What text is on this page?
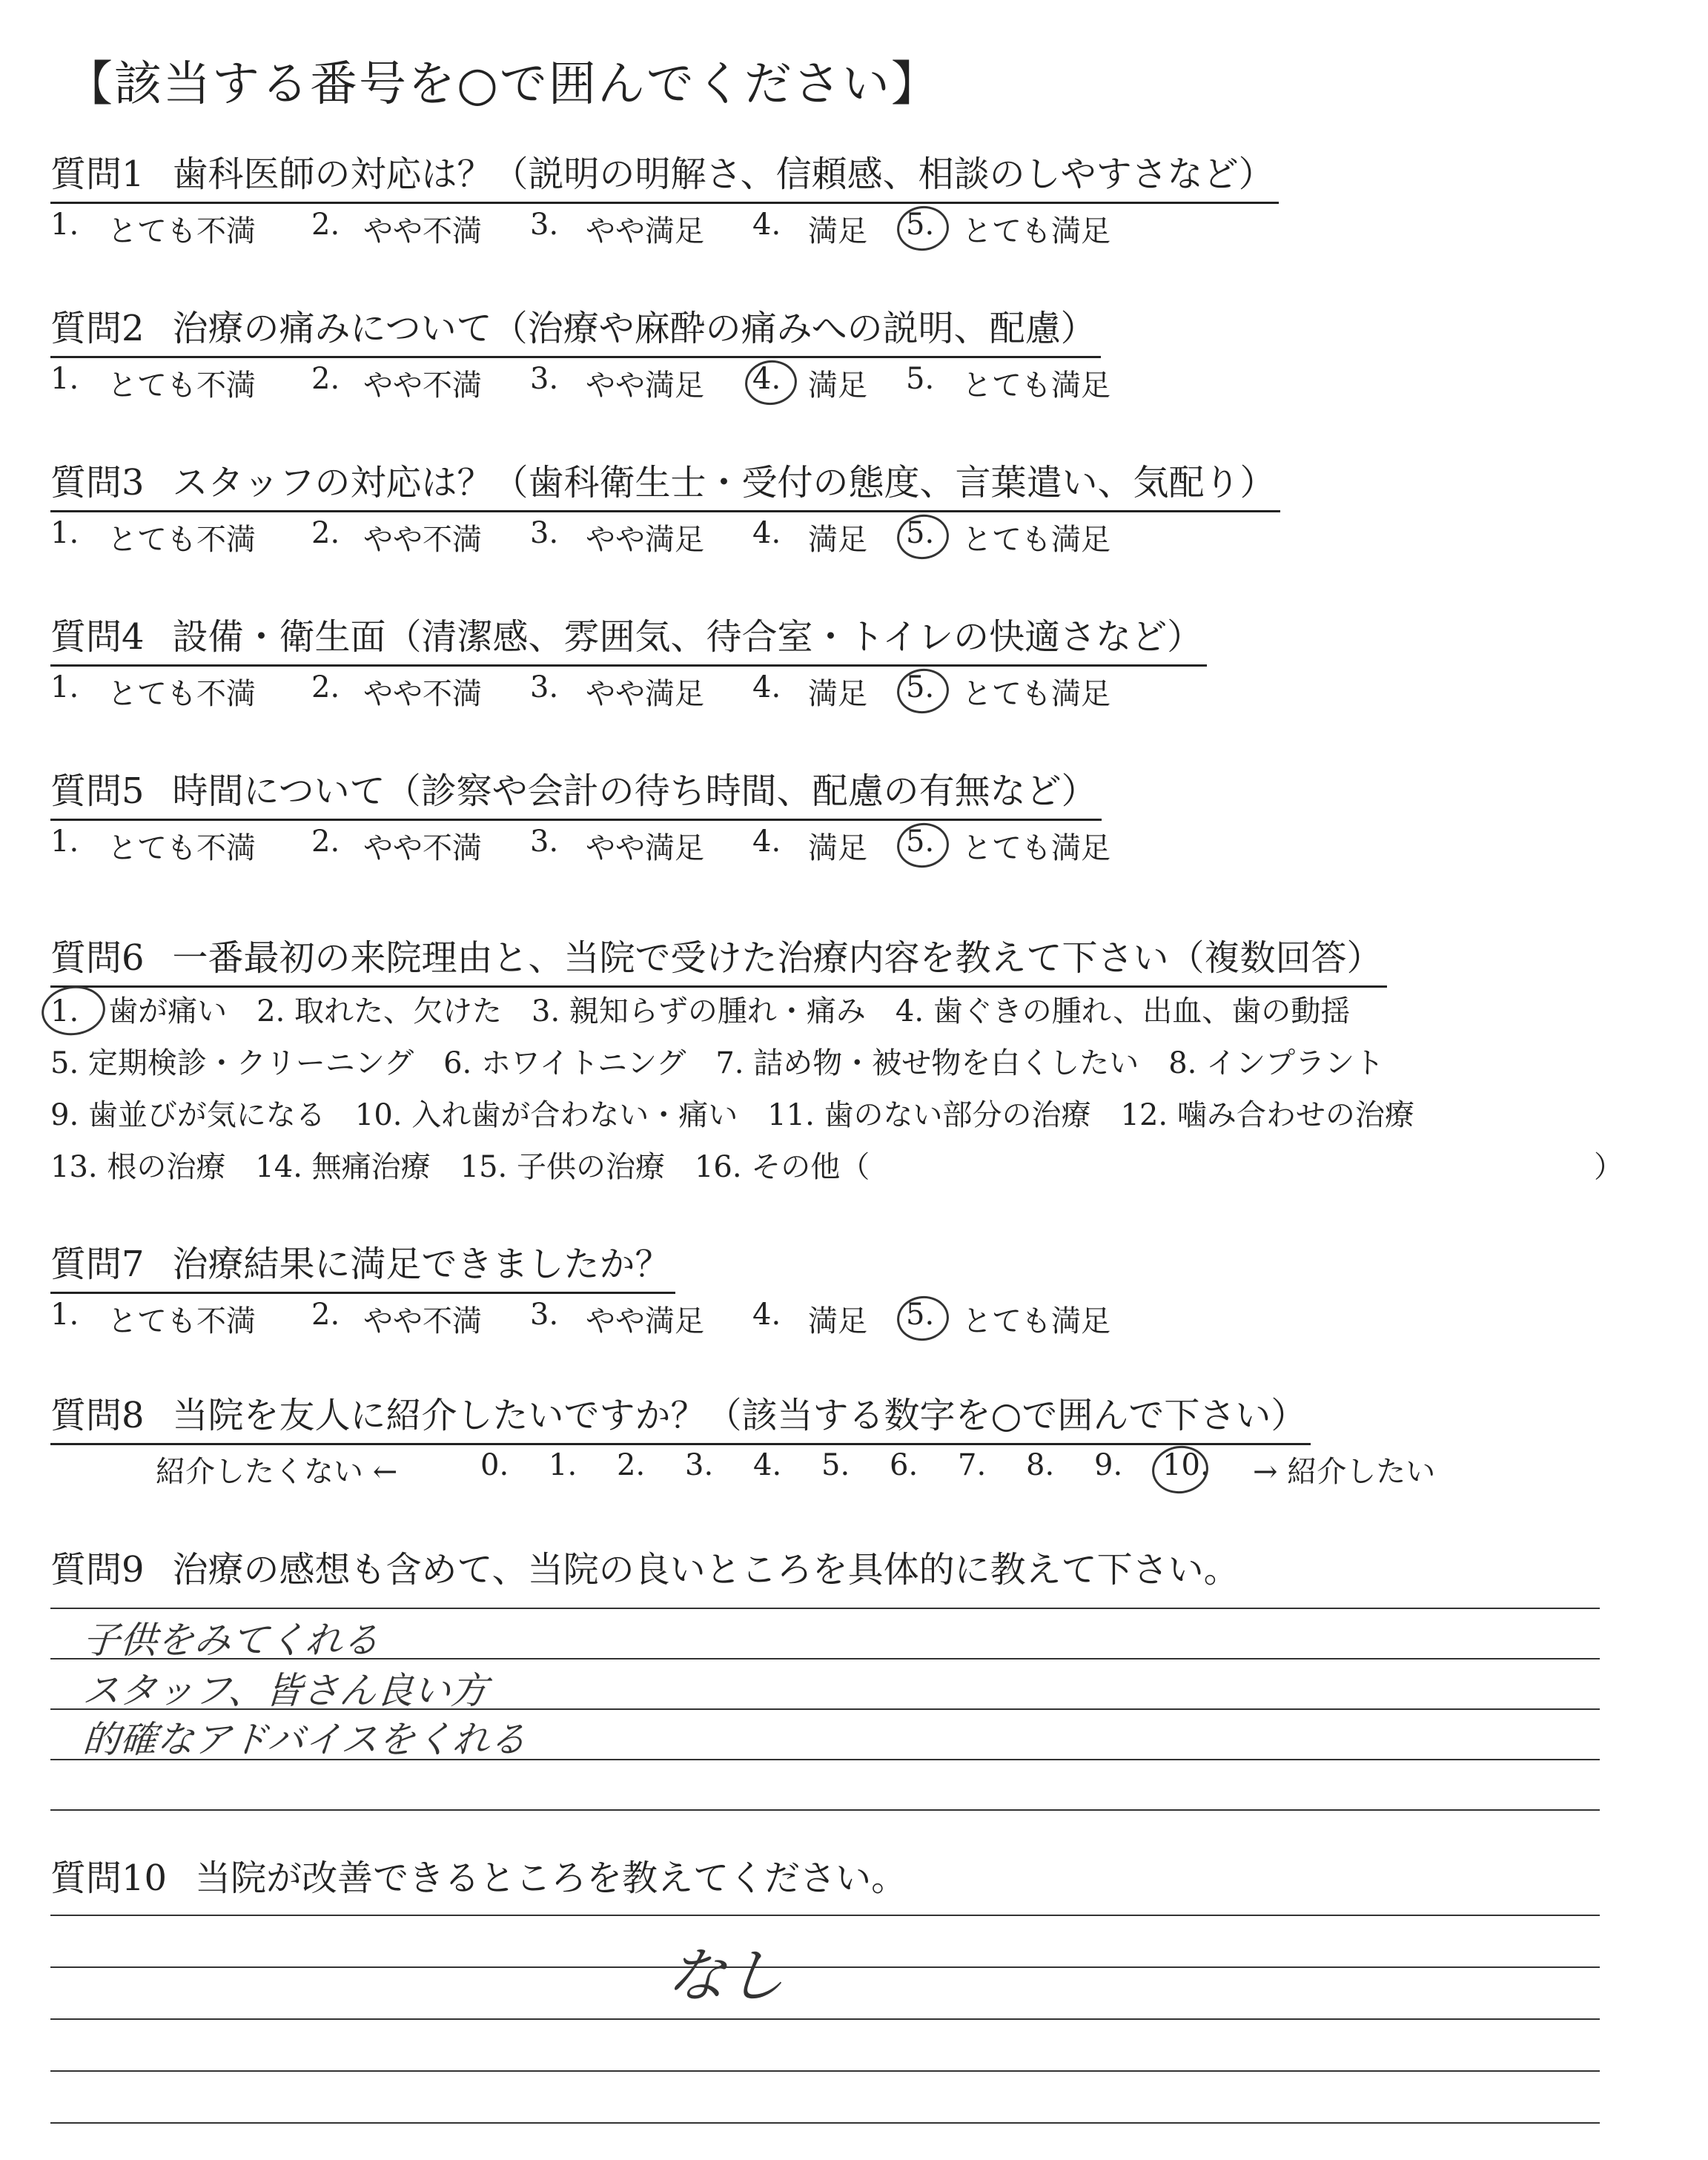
【該当する番号を○で囲んでください】
質問1 歯科医師の対応は？（説明の明解さ、信頼感、相談のしやすさなど）
1. とても不満 2. やや不満 3. やや満足 4. 満足 5. とても満足
質問2 治療の痛みについて（治療や麻酔の痛みへの説明、配慮）
1. とても不満 2. やや不満 3. やや満足 4. 満足 5. とても満足
質問3 スタッフの対応は？（歯科衛生士・受付の態度、言葉遣い、気配り）
1. とても不満 2. やや不満 3. やや満足 4. 満足 5. とても満足
質問4 設備・衛生面（清潔感、雰囲気、待合室・トイレの快適さなど）
1. とても不満 2. やや不満 3. やや満足 4. 満足 5. とても満足
質問5 時間について（診察や会計の待ち時間、配慮の有無など）
1. とても不満 2. やや不満 3. やや満足 4. 満足 5. とても満足
質問6 一番最初の来院理由と、当院で受けた治療内容を教えて下さい（複数回答）
1.　歯が痛い　2. 取れた、欠けた　3. 親知らずの腫れ・痛み　4. 歯ぐきの腫れ、出血、歯の動揺
5. 定期検診・クリーニング　6. ホワイトニング　7. 詰め物・被せ物を白くしたい　8. インプラント
9. 歯並びが気になる　10. 入れ歯が合わない・痛い　11. 歯のない部分の治療　12. 噛み合わせの治療
13. 根の治療　14. 無痛治療　15. 子供の治療　16. その他（	）
質問7 治療結果に満足できましたか？
1. とても不満 2. やや不満 3. やや満足 4. 満足 5. とても満足
質問8 当院を友人に紹介したいですか？（該当する数字を○で囲んで下さい）
紹介したくない ←	0. 1. 2. 3. 4. 5. 6. 7. 8. 9. 10. → 紹介したい
質問9 治療の感想も含めて、当院の良いところを具体的に教えて下さい。
子供をみてくれる
スタッフ、皆さん良い方
的確なアドバイスをくれる
質問10 当院が改善できるところを教えてください。
なし
